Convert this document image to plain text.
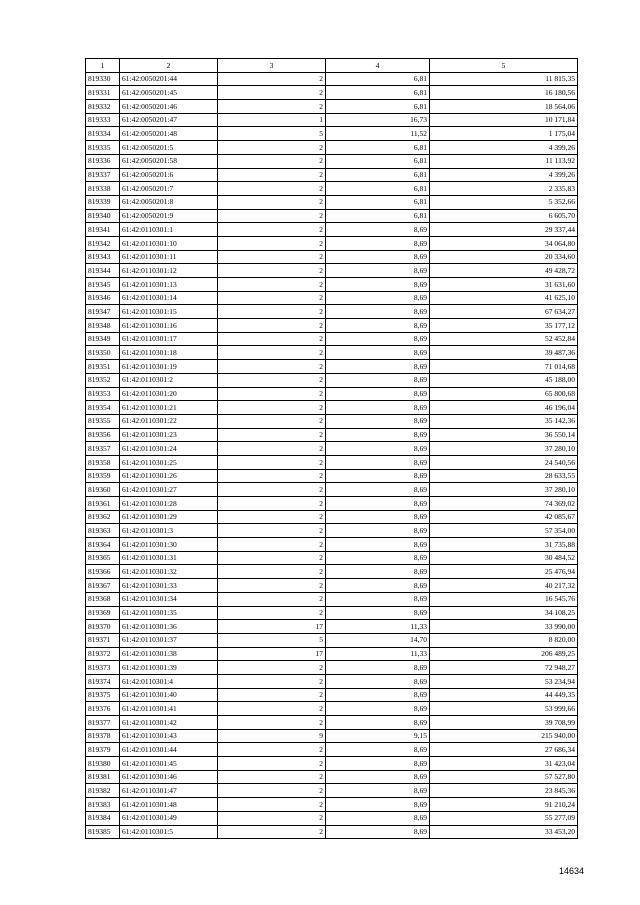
1	2	3	4	5
819330	61:42:0050201:44	2	6,81	11 815,35
819331	61:42:0050201:45	2	6,81	16 180,56
819332	61:42:0050201:46	2	6,81	18 564,06
819333	61:42:0050201:47	1	16,73	10 171,84
819334	61:42:0050201:48	5	11,52	1 175,04
819335	61:42:0050201:5	2	6,81	4 399,26
819336	61:42:0050201:58	2	6,81	11 113,92
819337	61:42:0050201:6	2	6,81	4 399,26
819338	61:42:0050201:7	2	6,81	2 335,83
819339	61:42:0050201:8	2	6,81	5 352,66
819340	61:42:0050201:9	2	6,81	6 605,70
819341	61:42:0110301:1	2	8,69	29 337,44
819342	61:42:0110301:10	2	8,69	34 064,80
819343	61:42:0110301:11	2	8,69	20 334,60
819344	61:42:0110301:12	2	8,69	49 428,72
819345	61:42:0110301:13	2	8,69	31 631,60
819346	61:42:0110301:14	2	8,69	41 625,10
819347	61:42:0110301:15	2	8,69	67 634,27
819348	61:42:0110301:16	2	8,69	35 177,12
819349	61:42:0110301:17	2	8,69	52 452,84
819350	61:42:0110301:18	2	8,69	39 487,36
819351	61:42:0110301:19	2	8,69	71 014,68
819352	61:42:0110301:2	2	8,69	45 188,00
819353	61:42:0110301:20	2	8,69	65 800,68
819354	61:42:0110301:21	2	8,69	46 196,04
819355	61:42:0110301:22	2	8,69	35 142,36
819356	61:42:0110301:23	2	8,69	36 550,14
819357	61:42:0110301:24	2	8,69	37 280,10
819358	61:42:0110301:25	2	8,69	24 540,56
819359	61:42:0110301:26	2	8,69	28 633,55
819360	61:42:0110301:27	2	8,69	37 280,10
819361	61:42:0110301:28	2	8,69	74 369,02
819362	61:42:0110301:29	2	8,69	42 085,67
819363	61:42:0110301:3	2	8,69	57 354,00
819364	61:42:0110301:30	2	8,69	31 735,88
819365	61:42:0110301:31	2	8,69	30 484,52
819366	61:42:0110301:32	2	8,69	25 476,94
819367	61:42:0110301:33	2	8,69	40 217,32
819368	61:42:0110301:34	2	8,69	16 545,76
819369	61:42:0110301:35	2	8,69	34 108,25
819370	61:42:0110301:36	17	11,33	33 990,00
819371	61:42:0110301:37	5	14,70	8 820,00
819372	61:42:0110301:38	17	11,33	206 489,25
819373	61:42:0110301:39	2	8,69	72 948,27
819374	61:42:0110301:4	2	8,69	53 234,94
819375	61:42:0110301:40	2	8,69	44 449,35
819376	61:42:0110301:41	2	8,69	53 999,66
819377	61:42:0110301:42	2	8,69	39 708,99
819378	61:42:0110301:43	9	9,15	215 940,00
819379	61:42:0110301:44	2	8,69	27 686,34
819380	61:42:0110301:45	2	8,69	31 423,04
819381	61:42:0110301:46	2	8,69	57 527,80
819382	61:42:0110301:47	2	8,69	23 845,36
819383	61:42:0110301:48	2	8,69	91 210,24
819384	61:42:0110301:49	2	8,69	55 277,09
819385	61:42:0110301:5	2	8,69	33 453,20
14634
